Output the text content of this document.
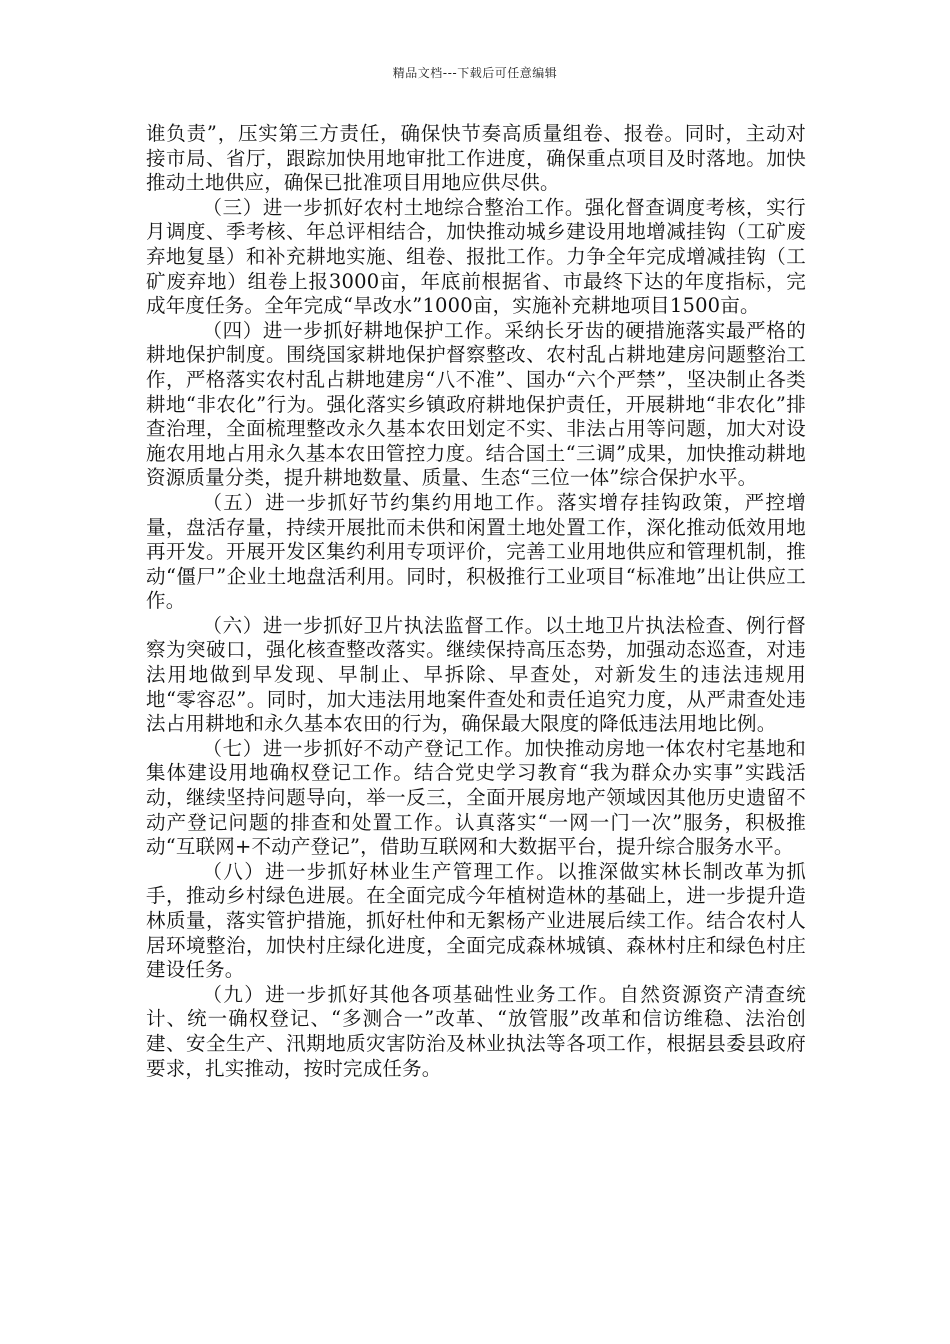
精品文档---下载后可任意编辑

谁负责”，压实第三方责任，确保快节奏高质量组卷、报卷。同时，主动对接市局、省厅，跟踪加快用地审批工作进度，确保重点项目及时落地。加快推动土地供应，确保已批准项目用地应供尽供。

（三）进一步抓好农村土地综合整治工作。强化督查调度考核，实行月调度、季考核、年总评相结合，加快推动城乡建设用地增减挂钩（工矿废弃地复垦）和补充耕地实施、组卷、报批工作。力争全年完成增减挂钩（工矿废弃地）组卷上报3000亩，年底前根据省、市最终下达的年度指标，完成年度任务。全年完成“旱改水”1000亩，实施补充耕地项目1500亩。

（四）进一步抓好耕地保护工作。采纳长牙齿的硬措施落实最严格的耕地保护制度。围绕国家耕地保护督察整改、农村乱占耕地建房问题整治工作，严格落实农村乱占耕地建房“八不准”、国办“六个严禁”，坚决制止各类耕地“非农化”行为。强化落实乡镇政府耕地保护责任，开展耕地“非农化”排查治理，全面梳理整改永久基本农田划定不实、非法占用等问题，加大对设施农用地占用永久基本农田管控力度。结合国土“三调”成果，加快推动耕地资源质量分类，提升耕地数量、质量、生态“三位一体”综合保护水平。

（五）进一步抓好节约集约用地工作。落实增存挂钩政策，严控增量，盘活存量，持续开展批而未供和闲置土地处置工作，深化推动低效用地再开发。开展开发区集约利用专项评价，完善工业用地供应和管理机制，推动“僵尸”企业土地盘活利用。同时，积极推行工业项目“标准地”出让供应工作。

（六）进一步抓好卫片执法监督工作。以土地卫片执法检查、例行督察为突破口，强化核查整改落实。继续保持高压态势，加强动态巡查，对违法用地做到早发现、早制止、早拆除、早查处，对新发生的违法违规用地“零容忍”。同时，加大违法用地案件查处和责任追究力度，从严肃查处违法占用耕地和永久基本农田的行为，确保最大限度的降低违法用地比例。

（七）进一步抓好不动产登记工作。加快推动房地一体农村宅基地和集体建设用地确权登记工作。结合党史学习教育“我为群众办实事”实践活动，继续坚持问题导向，举一反三，全面开展房地产领域因其他历史遗留不动产登记问题的排查和处置工作。认真落实“一网一门一次”服务，积极推动“互联网+不动产登记”，借助互联网和大数据平台，提升综合服务水平。

（八）进一步抓好林业生产管理工作。以推深做实林长制改革为抓手，推动乡村绿色进展。在全面完成今年植树造林的基础上，进一步提升造林质量，落实管护措施，抓好杜仲和无絮杨产业进展后续工作。结合农村人居环境整治，加快村庄绿化进度，全面完成森林城镇、森林村庄和绿色村庄建设任务。

（九）进一步抓好其他各项基础性业务工作。自然资源资产清查统计、统一确权登记、“多测合一”改革、“放管服”改革和信访维稳、法治创建、安全生产、汛期地质灾害防治及林业执法等各项工作，根据县委县政府要求，扎实推动，按时完成任务。
